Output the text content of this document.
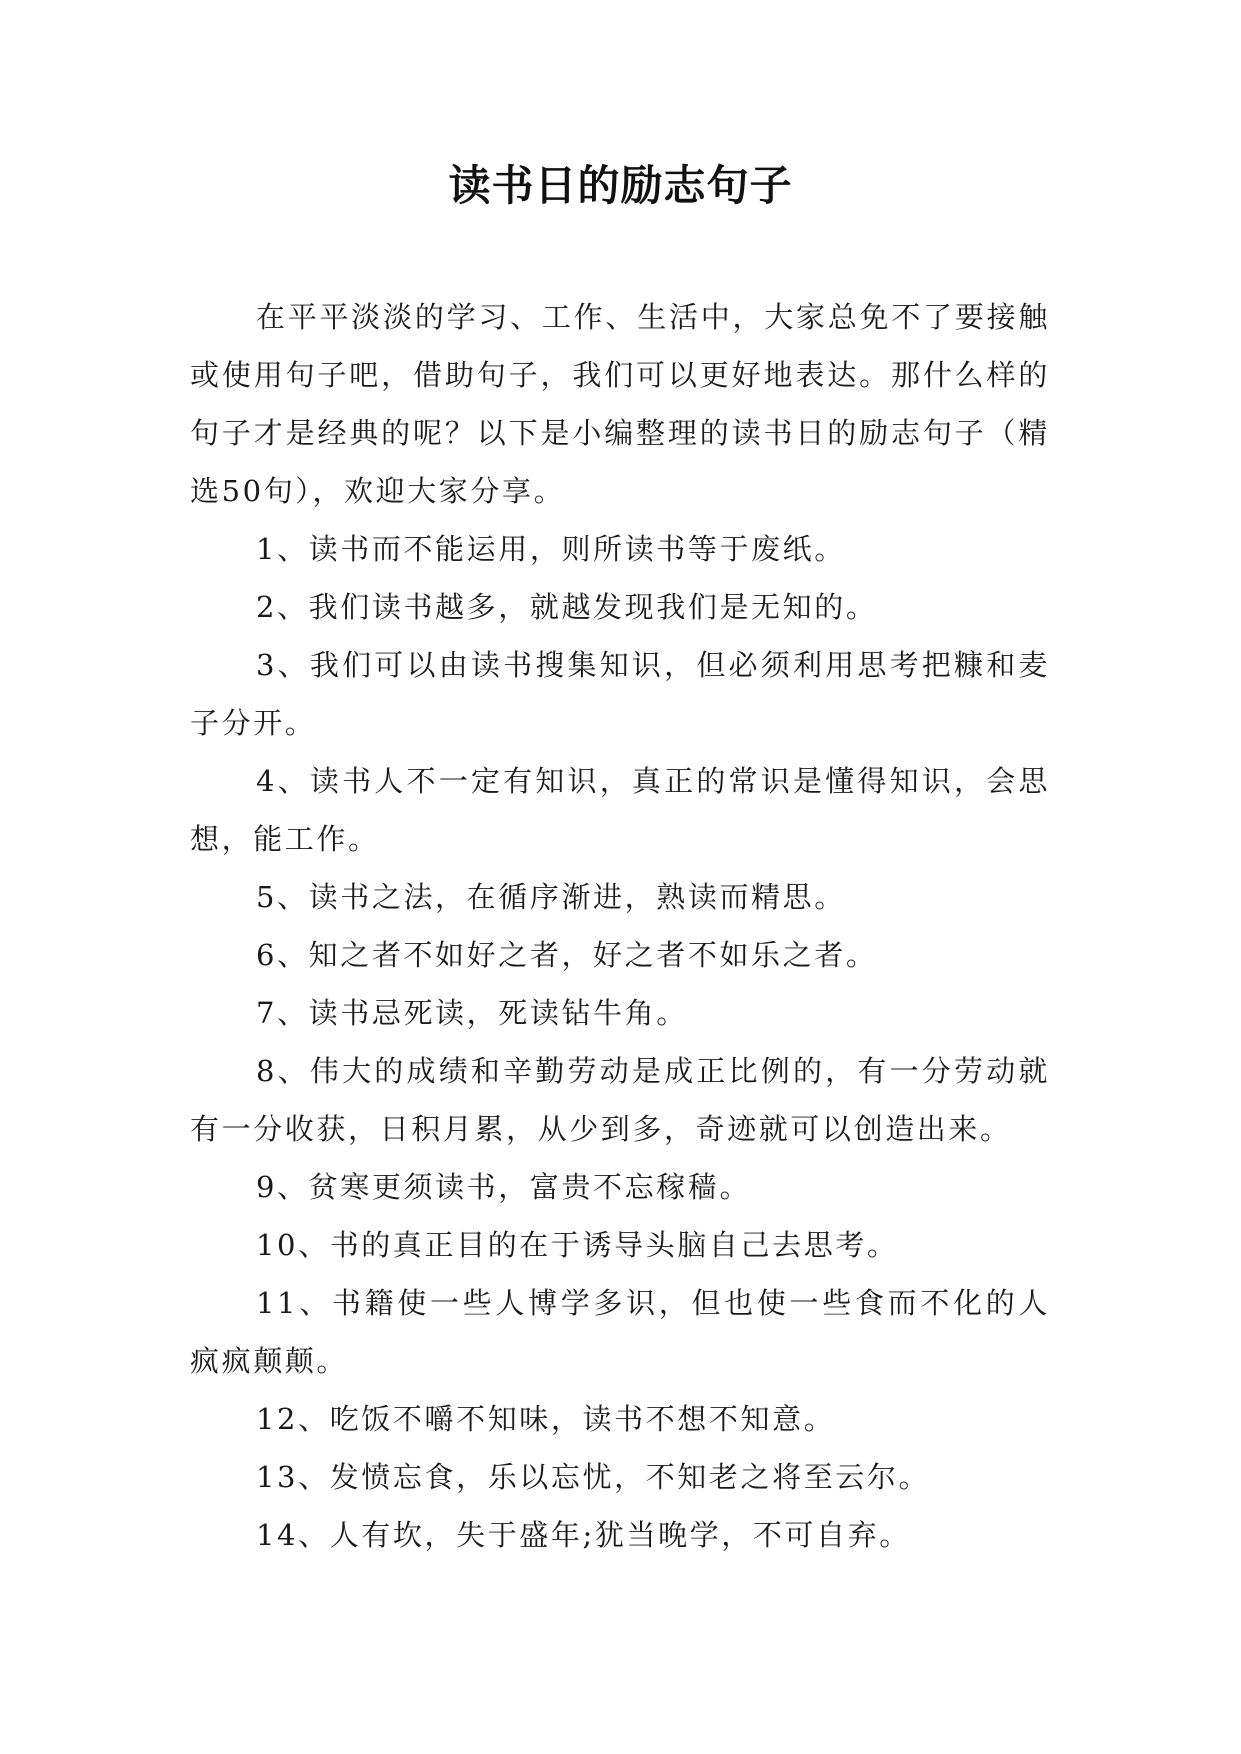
读书日的励志句子

在平平淡淡的学习、工作、生活中，大家总免不了要接触或使用句子吧，借助句子，我们可以更好地表达。那什么样的句子才是经典的呢？以下是小编整理的读书日的励志句子（精选50句），欢迎大家分享。

1、读书而不能运用，则所读书等于废纸。

2、我们读书越多，就越发现我们是无知的。

3、我们可以由读书搜集知识，但必须利用思考把糠和麦子分开。

4、读书人不一定有知识，真正的常识是懂得知识，会思想，能工作。

5、读书之法，在循序渐进，熟读而精思。

6、知之者不如好之者，好之者不如乐之者。

7、读书忌死读，死读钻牛角。

8、伟大的成绩和辛勤劳动是成正比例的，有一分劳动就有一分收获，日积月累，从少到多，奇迹就可以创造出来。

9、贫寒更须读书，富贵不忘稼穑。

10、书的真正目的在于诱导头脑自己去思考。

11、书籍使一些人博学多识，但也使一些食而不化的人疯疯颠颠。

12、吃饭不嚼不知味，读书不想不知意。

13、发愤忘食，乐以忘忧，不知老之将至云尔。

14、人有坎，失于盛年;犹当晚学，不可自弃。
